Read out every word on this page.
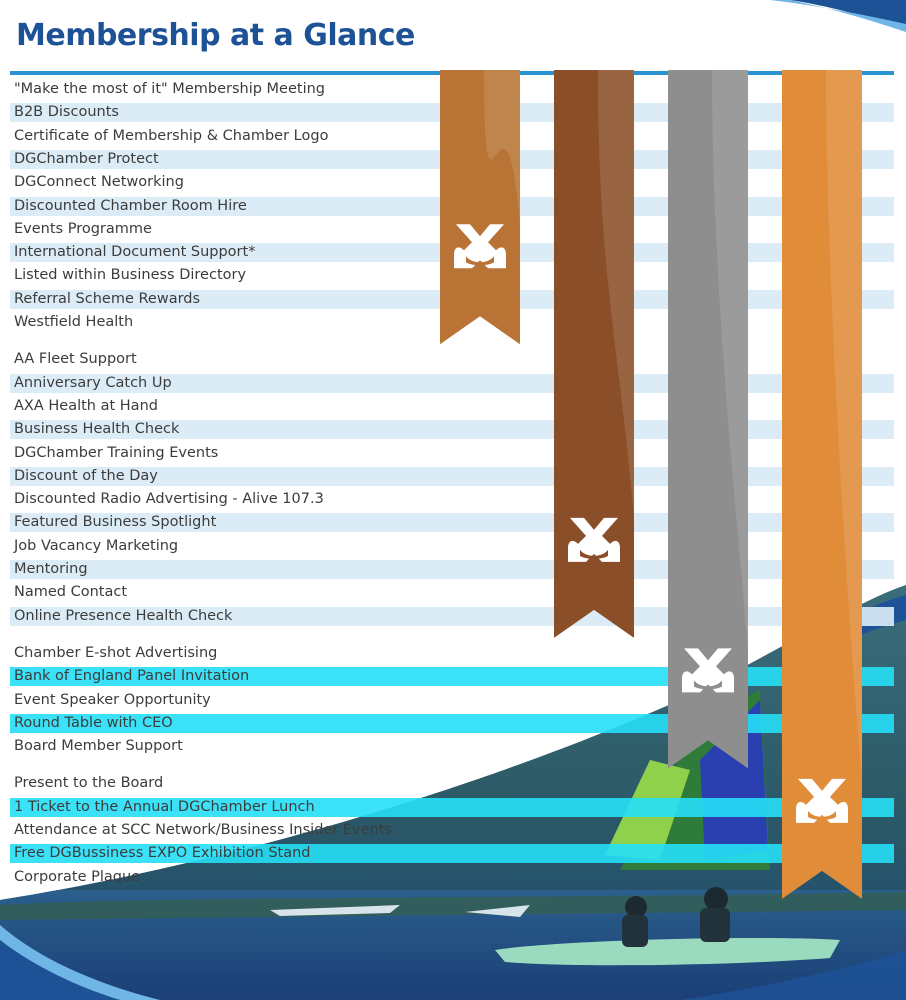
Membership at a Glance
"Make the most of it" Membership Meeting
B2B Discounts
Certificate of Membership & Chamber Logo
DGChamber Protect
DGConnect Networking
Discounted Chamber Room Hire
Events Programme
International Document Support*
Listed within Business Directory
Referral Scheme Rewards
Westfield Health
AA Fleet Support
Anniversary Catch Up
AXA Health at Hand
Business Health Check
DGChamber Training Events
Discount of the Day
Discounted Radio Advertising - Alive 107.3
Featured Business Spotlight
Job Vacancy Marketing
Mentoring
Named Contact
Online Presence Health Check
Chamber E-shot Advertising
Bank of England Panel Invitation
Event Speaker Opportunity
Round Table with CEO
Board Member Support
Present to the Board
1 Ticket to the Annual DGChamber Lunch
Attendance at SCC Network/Business Insider Events
Free DGBussiness EXPO Exhibition Stand
Corporate Plaque
